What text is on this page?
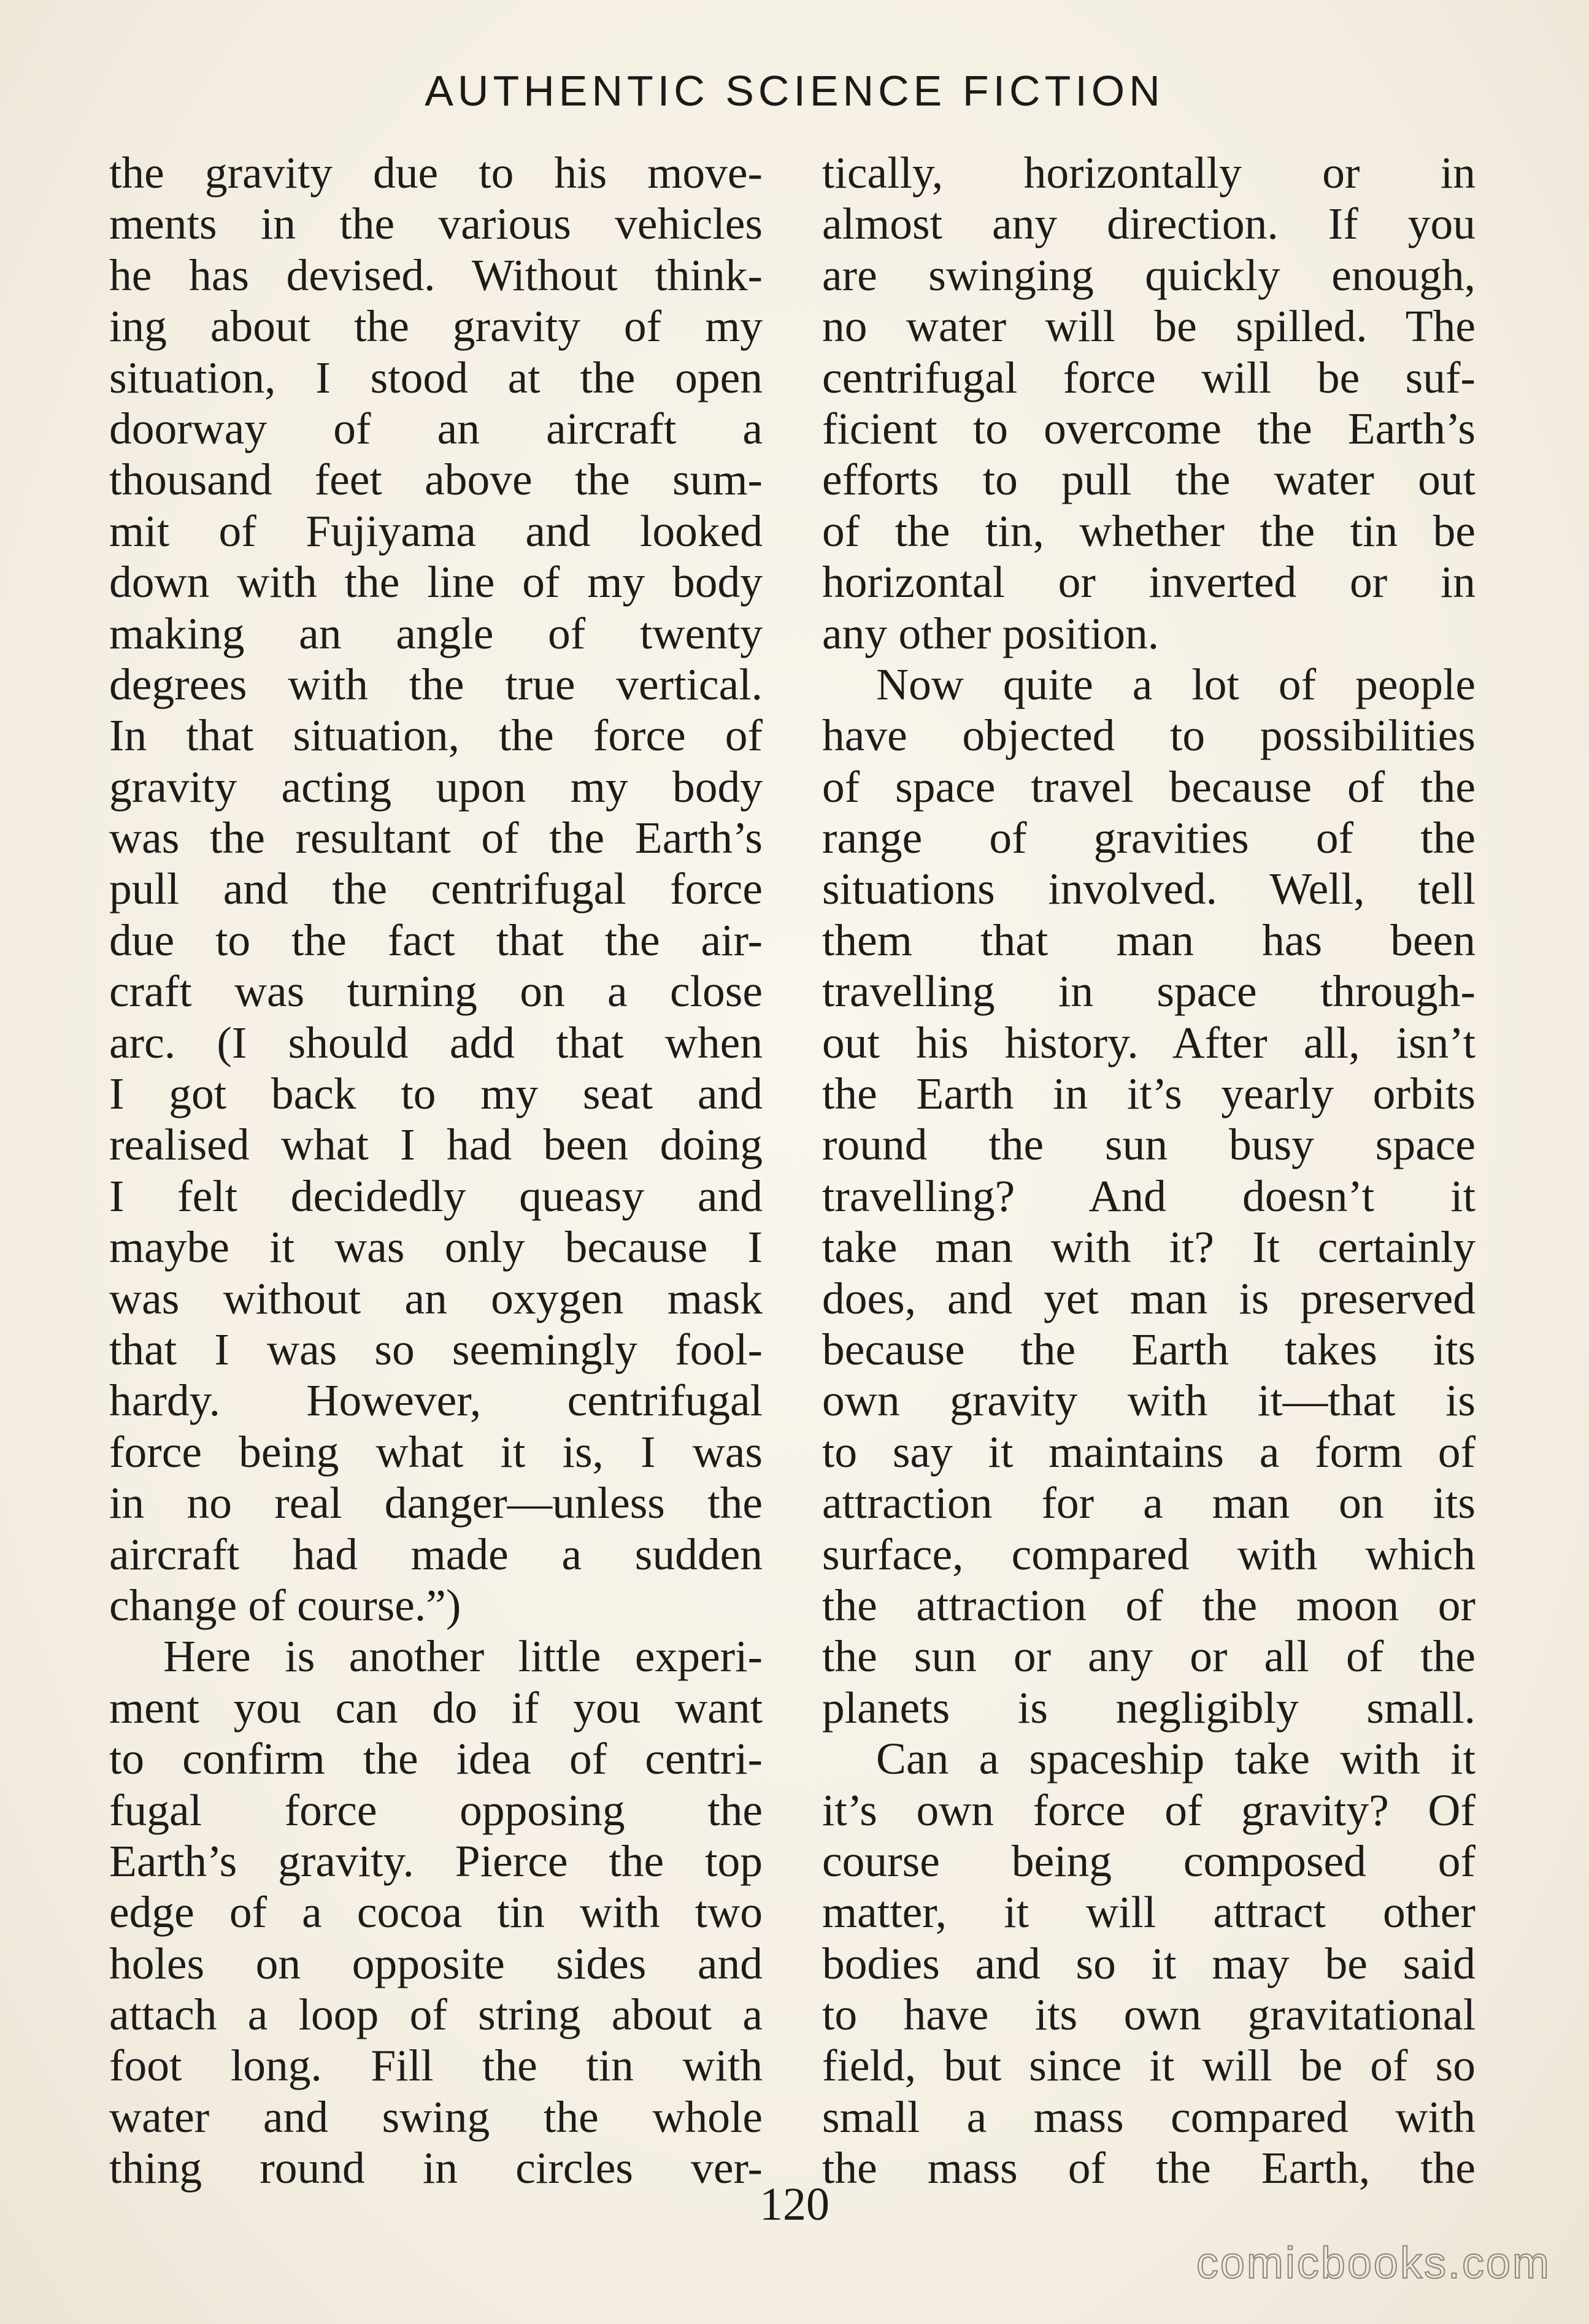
AUTHENTIC SCIENCE FICTION
the gravity due to his move-
ments in the various vehicles
he has devised. Without think-
ing about the gravity of my
situation, I stood at the open
doorway of an aircraft a
thousand feet above the sum-
mit of Fujiyama and looked
down with the line of my body
making an angle of twenty
degrees with the true vertical.
In that situation, the force of
gravity acting upon my body
was the resultant of the Earth’s
pull and the centrifugal force
due to the fact that the air-
craft was turning on a close
arc. (I should add that when
I got back to my seat and
realised what I had been doing
I felt decidedly queasy and
maybe it was only because I
was without an oxygen mask
that I was so seemingly fool-
hardy. However, centrifugal
force being what it is, I was
in no real danger—unless the
aircraft had made a sudden
change of course.”)
Here is another little experi-
ment you can do if you want
to confirm the idea of centri-
fugal force opposing the
Earth’s gravity. Pierce the top
edge of a cocoa tin with two
holes on opposite sides and
attach a loop of string about a
foot long. Fill the tin with
water and swing the whole
thing round in circles ver-
tically, horizontally or in
almost any direction. If you
are swinging quickly enough,
no water will be spilled. The
centrifugal force will be suf-
ficient to overcome the Earth’s
efforts to pull the water out
of the tin, whether the tin be
horizontal or inverted or in
any other position.
Now quite a lot of people
have objected to possibilities
of space travel because of the
range of gravities of the
situations involved. Well, tell
them that man has been
travelling in space through-
out his history. After all, isn’t
the Earth in it’s yearly orbits
round the sun busy space
travelling? And doesn’t it
take man with it? It certainly
does, and yet man is preserved
because the Earth takes its
own gravity with it—that is
to say it maintains a form of
attraction for a man on its
surface, compared with which
the attraction of the moon or
the sun or any or all of the
planets is negligibly small.
Can a spaceship take with it
it’s own force of gravity? Of
course being composed of
matter, it will attract other
bodies and so it may be said
to have its own gravitational
field, but since it will be of so
small a mass compared with
the mass of the Earth, the
120
comicbooks.com
